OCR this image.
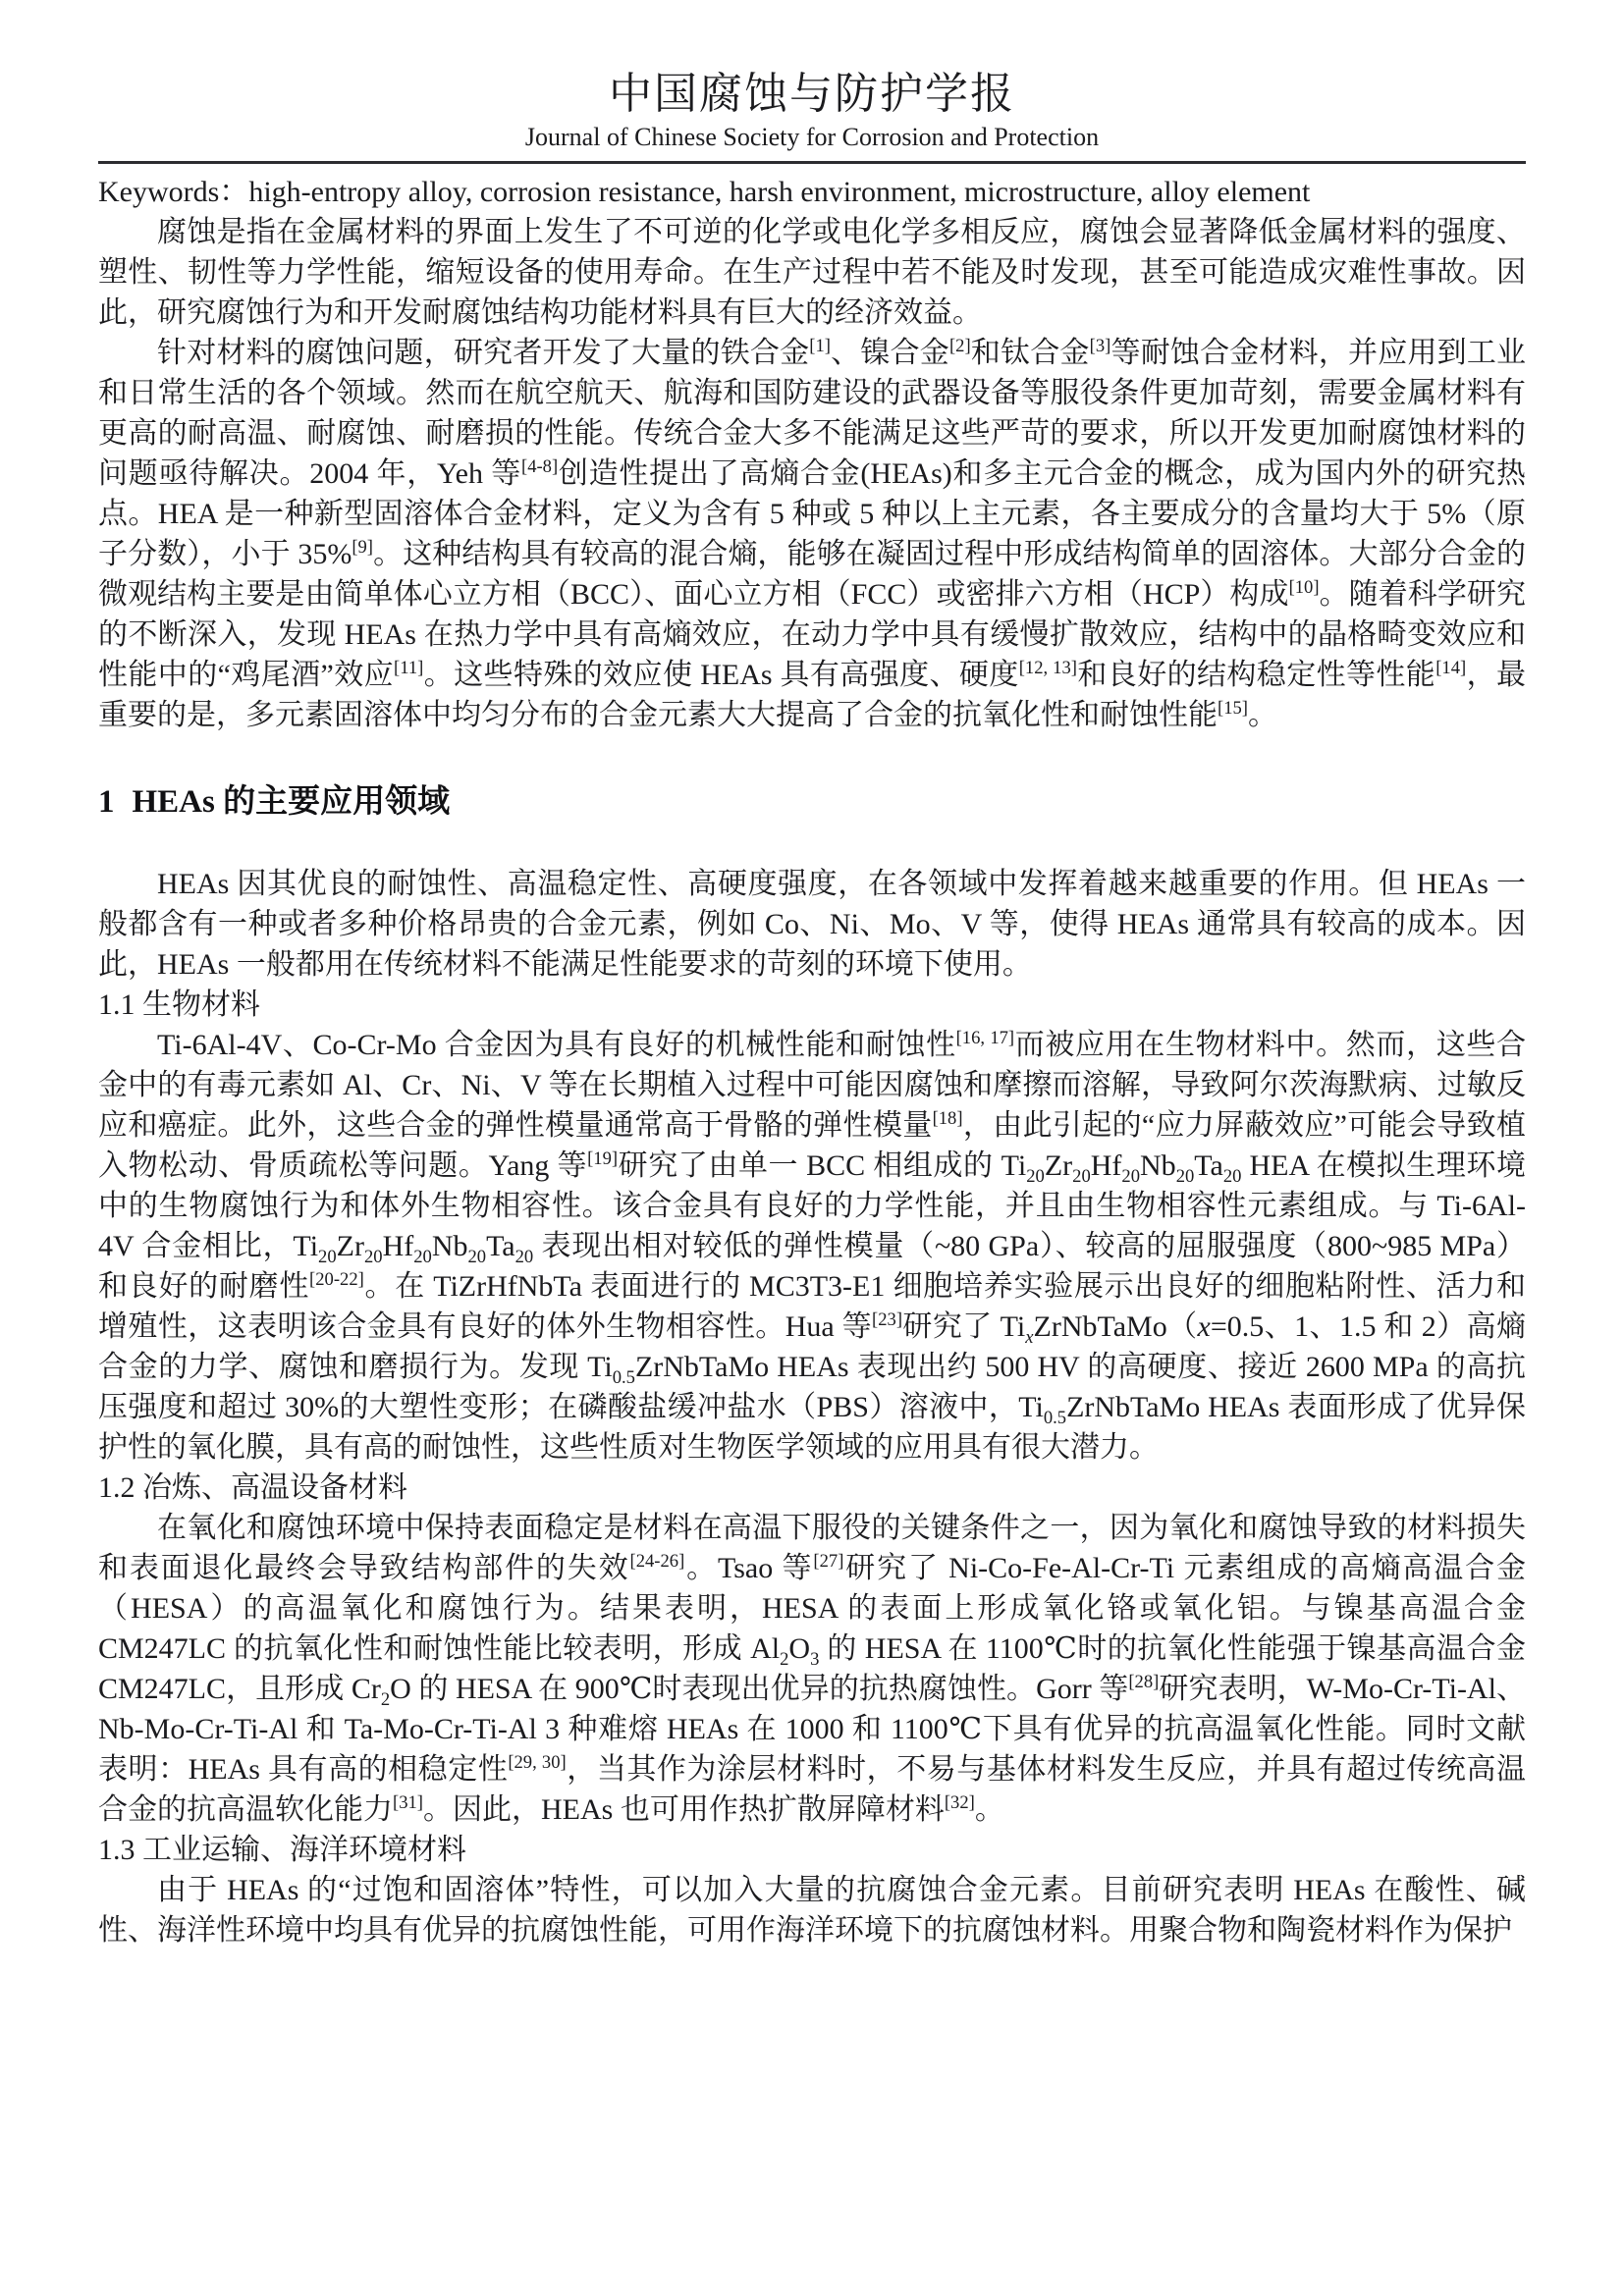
中国腐蚀与防护学报
Journal of Chinese Society for Corrosion and Protection

Keywords：high-entropy alloy, corrosion resistance, harsh environment, microstructure, alloy element

腐蚀是指在金属材料的界面上发生了不可逆的化学或电化学多相反应，腐蚀会显著降低金属材料的强度、塑性、韧性等力学性能，缩短设备的使用寿命。在生产过程中若不能及时发现，甚至可能造成灾难性事故。因此，研究腐蚀行为和开发耐腐蚀结构功能材料具有巨大的经济效益。

针对材料的腐蚀问题，研究者开发了大量的铁合金[1]、镍合金[2]和钛合金[3]等耐蚀合金材料，并应用到工业和日常生活的各个领域。然而在航空航天、航海和国防建设的武器设备等服役条件更加苛刻，需要金属材料有更高的耐高温、耐腐蚀、耐磨损的性能。传统合金大多不能满足这些严苛的要求，所以开发更加耐腐蚀材料的问题亟待解决。2004 年，Yeh 等[4-8]创造性提出了高熵合金(HEAs)和多主元合金的概念，成为国内外的研究热点。HEA 是一种新型固溶体合金材料，定义为含有 5 种或 5 种以上主元素，各主要成分的含量均大于 5%（原子分数），小于 35%[9]。这种结构具有较高的混合熵，能够在凝固过程中形成结构简单的固溶体。大部分合金的微观结构主要是由简单体心立方相（BCC）、面心立方相（FCC）或密排六方相（HCP）构成[10]。随着科学研究的不断深入，发现 HEAs 在热力学中具有高熵效应，在动力学中具有缓慢扩散效应，结构中的晶格畸变效应和性能中的“鸡尾酒”效应[11]。这些特殊的效应使 HEAs 具有高强度、硬度[12, 13]和良好的结构稳定性等性能[14]，最重要的是，多元素固溶体中均匀分布的合金元素大大提高了合金的抗氧化性和耐蚀性能[15]。

1 HEAs 的主要应用领域

HEAs 因其优良的耐蚀性、高温稳定性、高硬度强度，在各领域中发挥着越来越重要的作用。但 HEAs 一般都含有一种或者多种价格昂贵的合金元素，例如 Co、Ni、Mo、V 等，使得 HEAs 通常具有较高的成本。因此，HEAs 一般都用在传统材料不能满足性能要求的苛刻的环境下使用。

1.1 生物材料

Ti-6Al-4V、Co-Cr-Mo 合金因为具有良好的机械性能和耐蚀性[16, 17]而被应用在生物材料中。然而，这些合金中的有毒元素如 Al、Cr、Ni、V 等在长期植入过程中可能因腐蚀和摩擦而溶解，导致阿尔茨海默病、过敏反应和癌症。此外，这些合金的弹性模量通常高于骨骼的弹性模量[18]，由此引起的“应力屏蔽效应”可能会导致植入物松动、骨质疏松等问题。Yang 等[19]研究了由单一 BCC 相组成的 $Ti_{20}Zr_{20}Hf_{20}Nb_{20}Ta_{20}$ HEA 在模拟生理环境中的生物腐蚀行为和体外生物相容性。该合金具有良好的力学性能，并且由生物相容性元素组成。与 Ti-6Al-4V 合金相比，$Ti_{20}Zr_{20}Hf_{20}Nb_{20}Ta_{20}$ 表现出相对较低的弹性模量（~80 GPa）、较高的屈服强度（800~985 MPa）和良好的耐磨性[20-22]。在 TiZrHfNbTa 表面进行的 MC3T3-E1 细胞培养实验展示出良好的细胞粘附性、活力和增殖性，这表明该合金具有良好的体外生物相容性。Hua 等[23]研究了 $Ti_xZrNbTaMo(x=0.5$、1、1.5 和 2）高熵合金的力学、腐蚀和磨损行为。发现 $Ti_{0.5}ZrNbTaMo$ HEAs 表现出约 500 HV 的高硬度、接近 2600 MPa 的高抗压强度和超过 30%的大塑性变形；在磷酸盐缓冲盐水（PBS）溶液中，$Ti_{0.5}ZrNbTaMo$ HEAs 表面形成了优异保护性的氧化膜，具有高的耐蚀性，这些性质对生物医学领域的应用具有很大潜力。

1.2 冶炼、高温设备材料

在氧化和腐蚀环境中保持表面稳定是材料在高温下服役的关键条件之一，因为氧化和腐蚀导致的材料损失和表面退化最终会导致结构部件的失效[24-26]。Tsao 等[27]研究了 Ni-Co-Fe-Al-Cr-Ti 元素组成的高熵高温合金（HESA）的高温氧化和腐蚀行为。结果表明，HESA 的表面上形成氧化铬或氧化铝。与镍基高温合金 CM247LC 的抗氧化性和耐蚀性能比较表明，形成 $Al_2O_3$ 的 HESA 在 1100℃时的抗氧化性能强于镍基高温合金 CM247LC，且形成 $Cr_2O$ 的 HESA 在 900℃时表现出优异的抗热腐蚀性。Gorr 等[28]研究表明，W-Mo-Cr-Ti-Al、Nb-Mo-Cr-Ti-Al 和 Ta-Mo-Cr-Ti-Al 3 种难熔 HEAs 在 1000 和 1100℃下具有优异的抗高温氧化性能。同时文献表明：HEAs 具有高的相稳定性[29, 30]，当其作为涂层材料时，不易与基体材料发生反应，并具有超过传统高温合金的抗高温软化能力[31]。因此，HEAs 也可用作热扩散屏障材料[32]。

1.3 工业运输、海洋环境材料

由于 HEAs 的“过饱和固溶体”特性，可以加入大量的抗腐蚀合金元素。目前研究表明 HEAs 在酸性、碱性、海洋性环境中均具有优异的抗腐蚀性能，可用作海洋环境下的抗腐蚀材料。用聚合物和陶瓷材料作为保护
